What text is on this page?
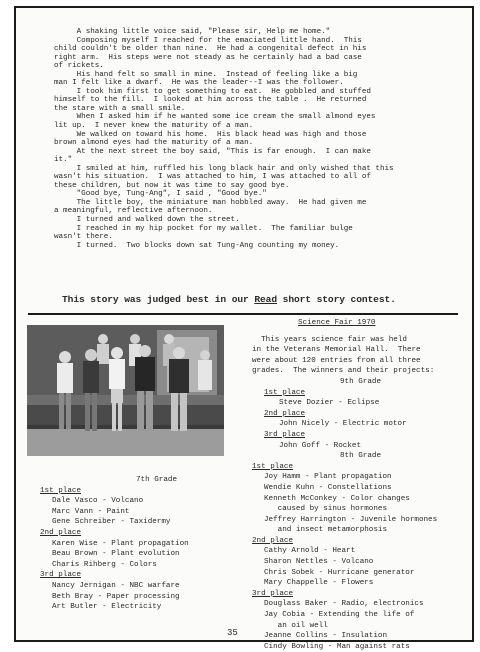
A shaking little voice said, "Please sir, Help me home."
Composing myself I reached for the emaciated little hand.  This
child couldn't be older than nine.  He had a congenital defect in his
right arm.  His steps were not steady as he certainly had a bad case
of rickets.
His hand felt so small in mine.  Instead of feeling like a big
man I felt like a dwarf.  He was the leader--I was the follower.
I took him first to get something to eat.  He gobbled and stuffed
himself to the fill.  I looked at him across the table .  He returned
the stare with a small smile.
When I asked him if he wanted some ice cream the small almond eyes
lit up.  I never knew the maturity of a man.
We walked on toward his home.  His black head was high and those
brown almond eyes had the maturity of a man.
At the next street the boy said, "This is far enough.  I can make
it."
I smiled at him, ruffled his long black hair and only wished that this
wasn't his situation.  I was attached to him, I was attached to all of
these children, but now it was time to say good bye.
"Good bye, Tung-Ang", I said , "Good bye."
The little boy, the miniature man hobbled away.  He had given me
a meaningful, reflective afternoon.
I turned and walked down the street.
I reached in my hip pocket for my wallet.  The familiar bulge
wasn't there.
I turned.  Two blocks down sat Tung-Ang counting my money.
This story was judged best in our Read short story contest.
7th Grade
1st place
Dale Vasco - Volcano
Marc Vann - Paint
Gene Schreiber - Taxidermy
2nd place
Karen Wise - Plant propagation
Beau Brown - Plant evolution
Charis Rihberg - Colors
3rd place
Nancy Jernigan - NBC warfare
Beth Bray - Paper processing
Art Butler - Electricity
Science Fair 1970
This years science fair was held
in the Veterans Memorial Hall.  There
were about 120 entries from all three
grades.  The winners and their projects:
9th Grade
1st place
Steve Dozier - Eclipse
2nd place
John Nicely - Electric motor
3rd place
John Goff - Rocket
8th Grade
1st place
Joy Hamm - Plant propagation
Wendie Kuhn - Constellations
Kenneth McConkey - Color changes
caused by sinus hormones
Jeffrey Harrington - Juvenile hormones
and insect metamorphosis
2nd place
Cathy Arnold - Heart
Sharon Nettles - Volcano
Chris Sobek - Hurricane generator
Mary Chappelle - Flowers
3rd place
Douglass Baker - Radio, electronics
Jay Cobia - Extending the life of
an oil well
Jeanne Collins - Insulation
Cindy Bowling - Man against rats
35
